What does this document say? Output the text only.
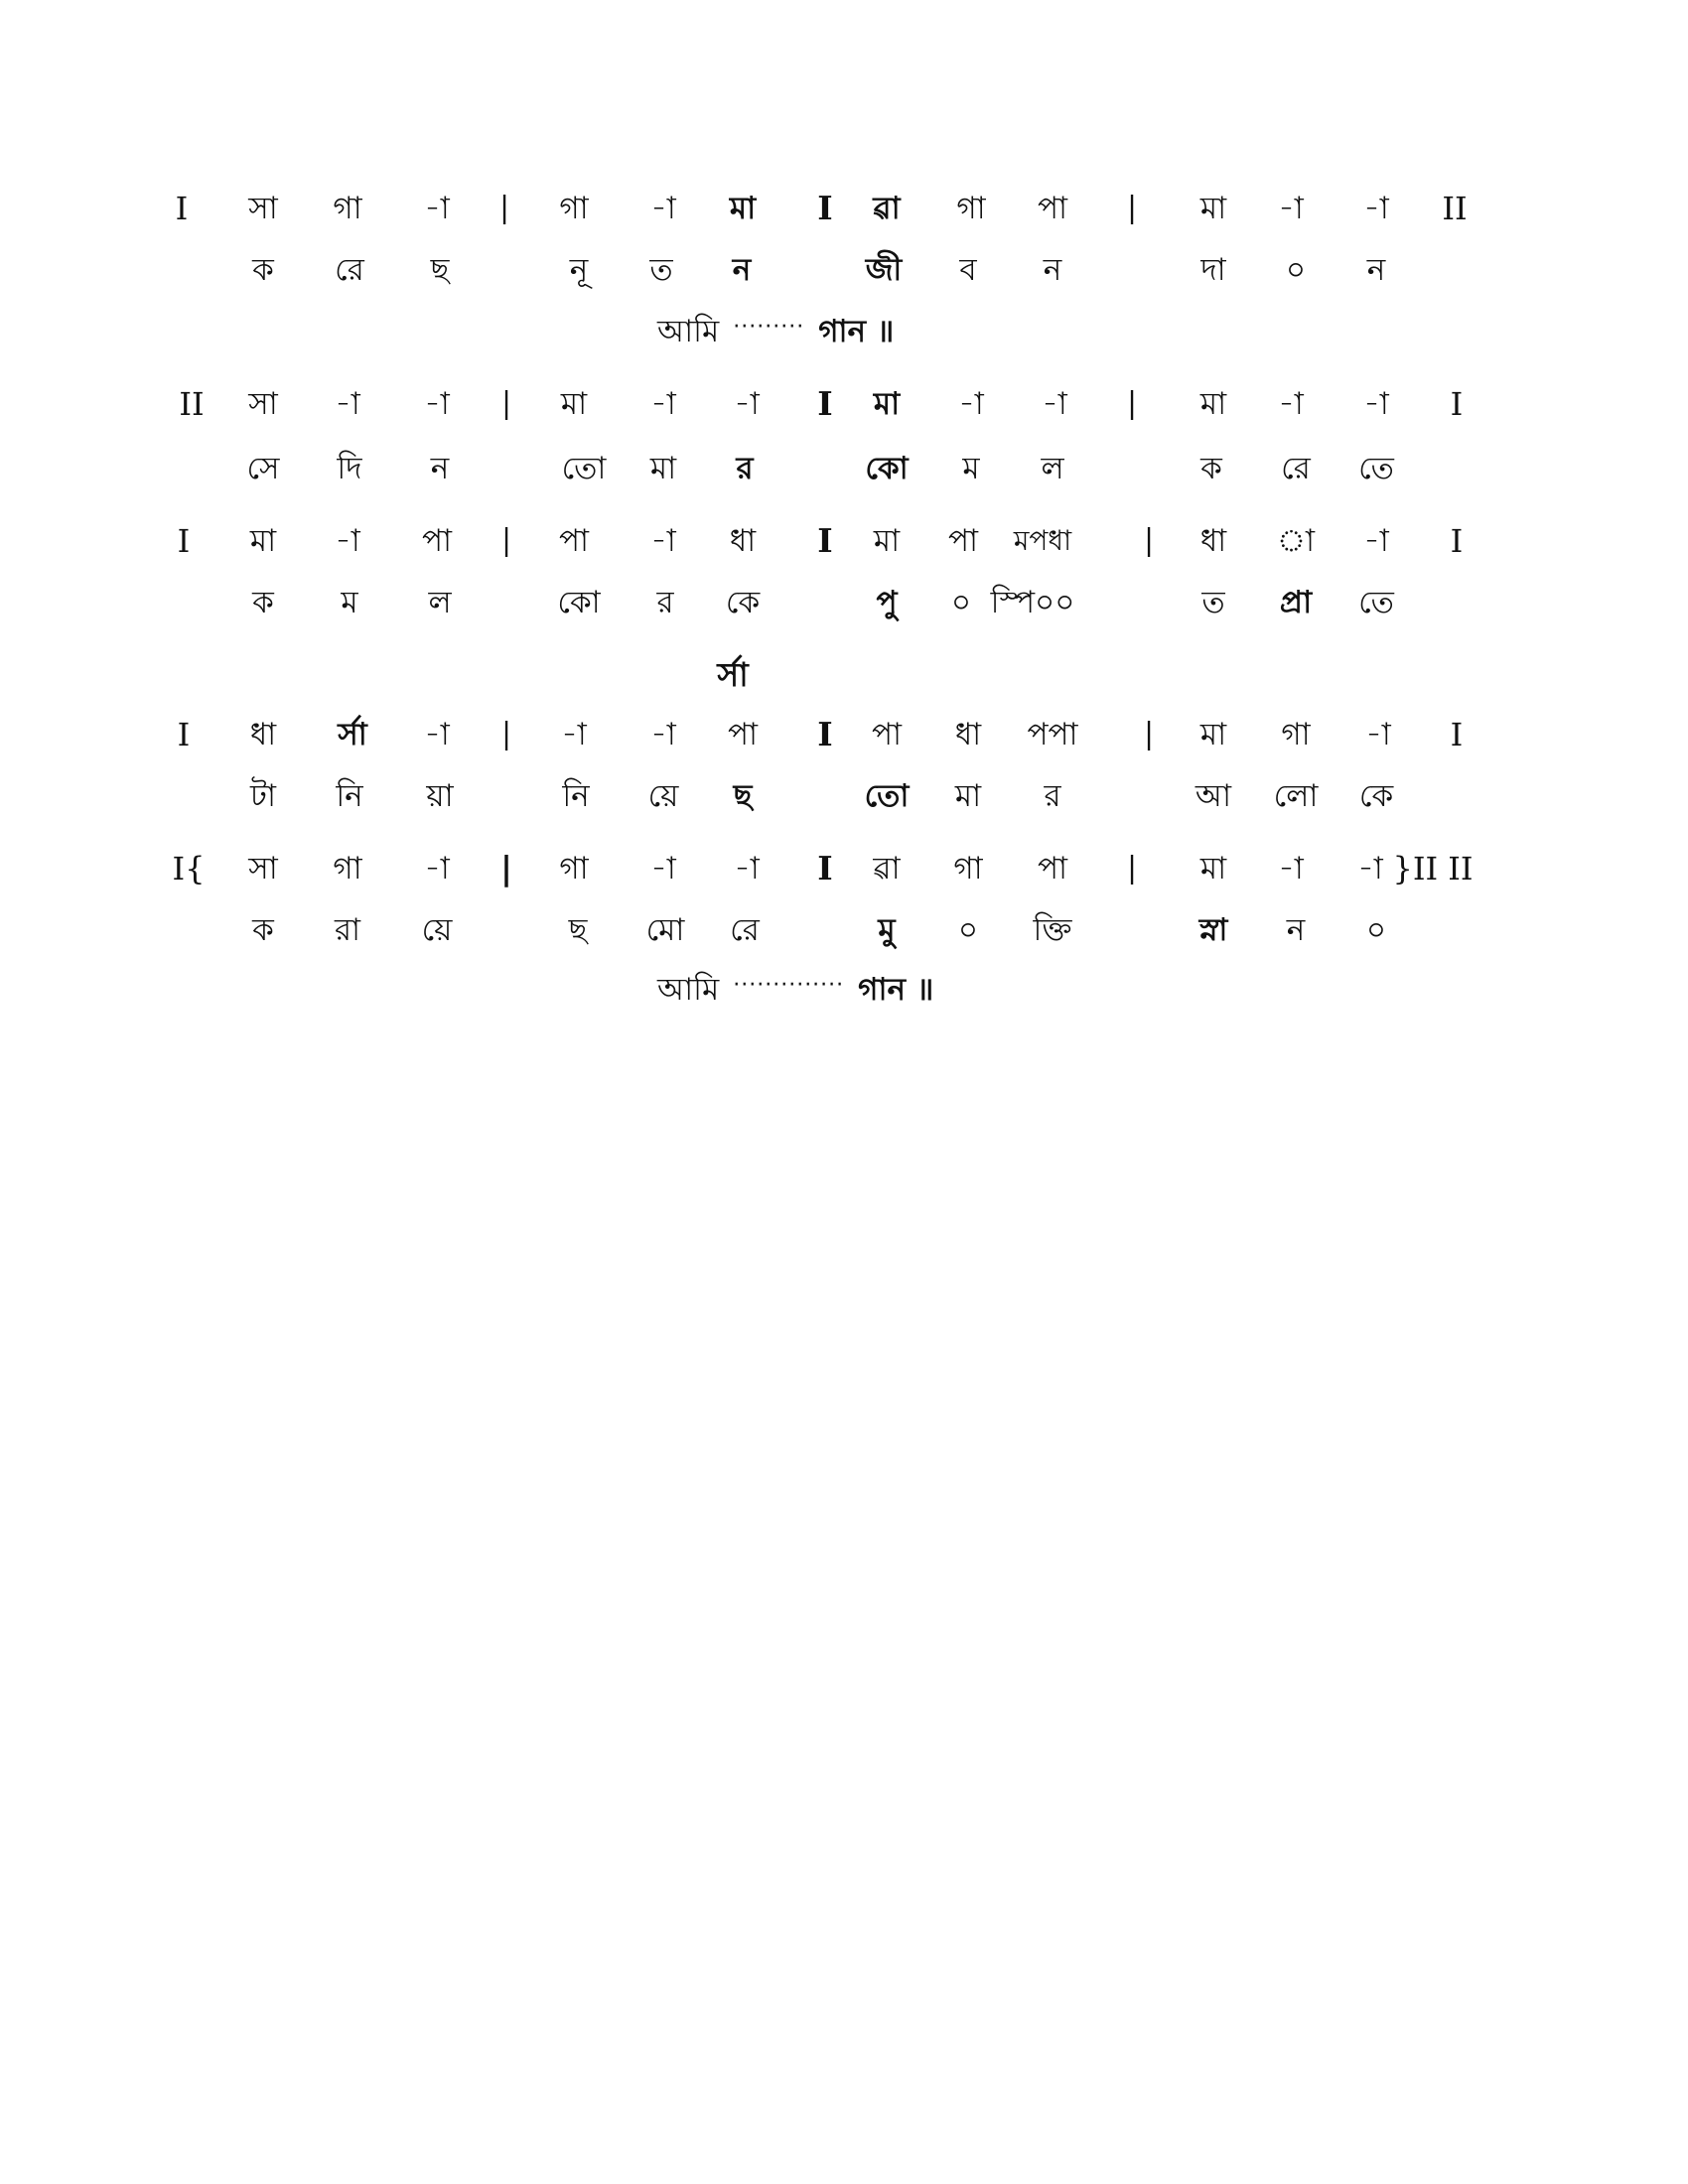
I সা গা -া | গা -া মা I ৱা গা পা | মা -া -া II
ক রে ছ	নূ ত ন	জী ব ন	দা ০ ন
আমি ········· গান ॥
II সা -া -া | মা -া -া I মা -া -া | মা -া -া I
সে দি ন	তো মা র	কো ম ল	ক রে তে
I মা -া পা | পা -া ধা I মা পা মপধা | ধা া -া I
ক ম ল	কো র কে	পু ০ স্পি০০	ত প্রা তে
র্সা
I ধা র্সা -া | -া -া পা I পা ধা পপা | মা গা -া I
টা নি য়া	নি য়ে ছ	তো মা র	আ লো কে
I{ সা গা -া | গা -া -া I ৱা গা পা | মা -া -া }II II
ক রা য়ে	ছ মো রে	মু ০ ক্তি	স্না ন ০
আমি ·············· গান ॥
